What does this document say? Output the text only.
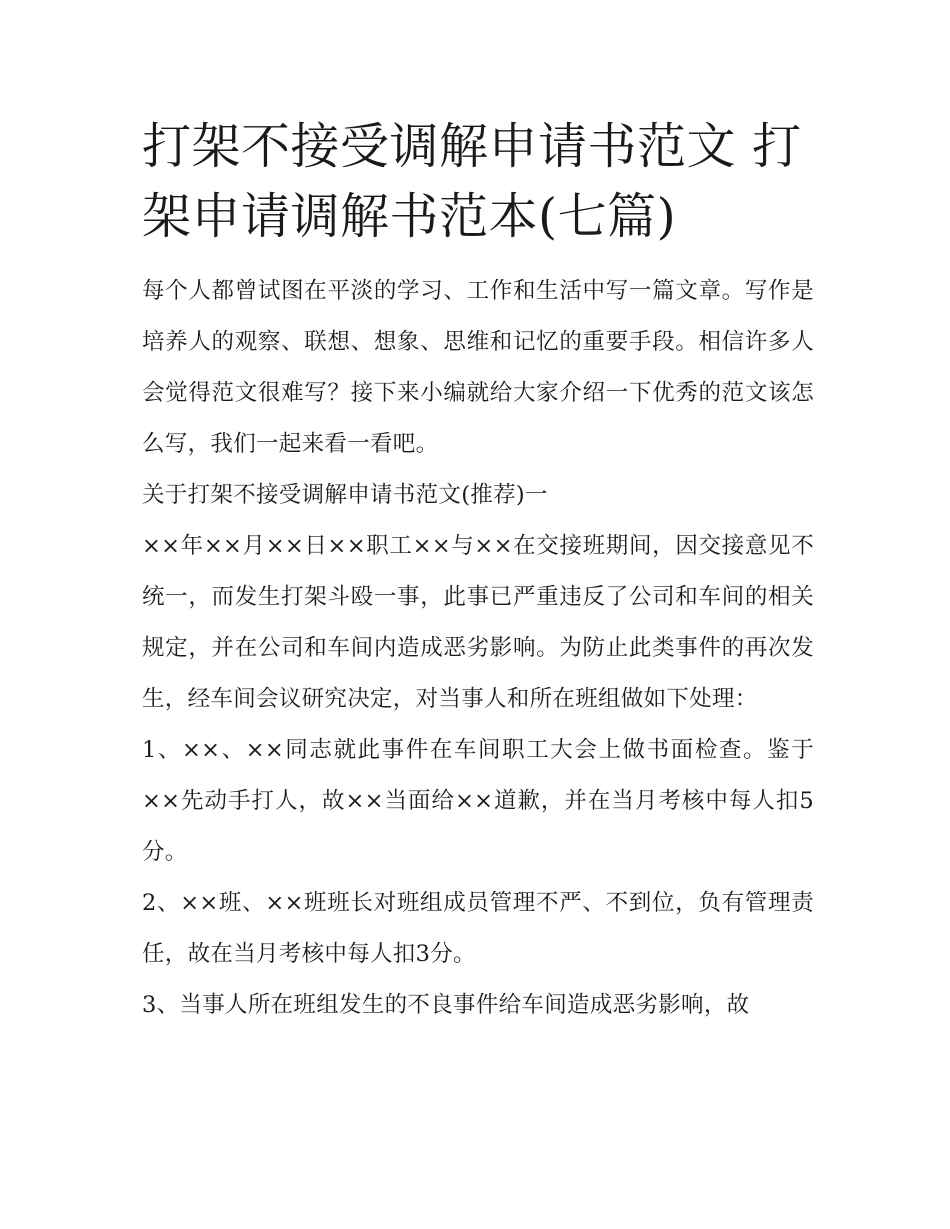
打架不接受调解申请书范文 打架申请调解书范本(七篇)

每个人都曾试图在平淡的学习、工作和生活中写一篇文章。写作是培养人的观察、联想、想象、思维和记忆的重要手段。相信许多人会觉得范文很难写？接下来小编就给大家介绍一下优秀的范文该怎么写，我们一起来看一看吧。

关于打架不接受调解申请书范文(推荐)一

××年××月××日××职工××与××在交接班期间，因交接意见不统一，而发生打架斗殴一事，此事已严重违反了公司和车间的相关规定，并在公司和车间内造成恶劣影响。为防止此类事件的再次发生，经车间会议研究决定，对当事人和所在班组做如下处理：

1、××、××同志就此事件在车间职工大会上做书面检查。鉴于××先动手打人，故××当面给××道歉，并在当月考核中每人扣5分。

2、××班、××班班长对班组成员管理不严、不到位，负有管理责任，故在当月考核中每人扣3分。

3、当事人所在班组发生的不良事件给车间造成恶劣影响，故
